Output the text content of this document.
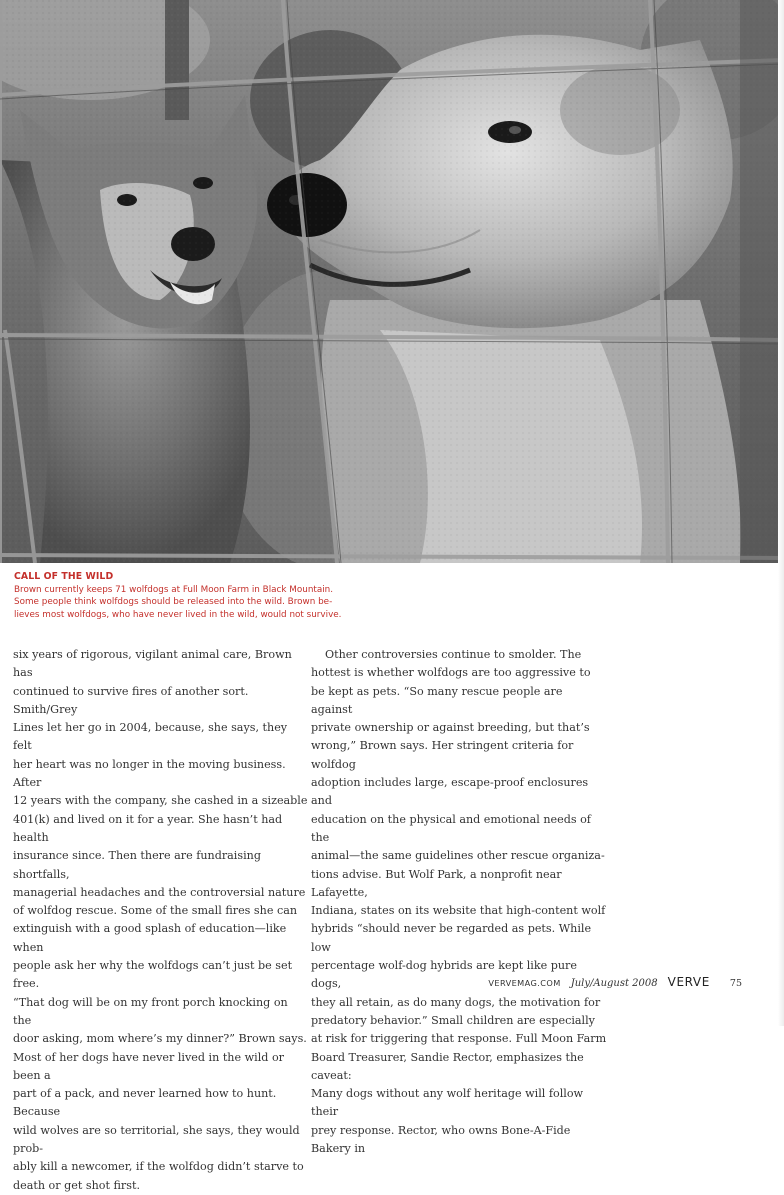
CALL OF THE WILD
Brown currently keeps 71 wolfdogs at Full Moon Farm in Black Mountain.
Some people think wolfdogs should be released into the wild. Brown be-
lieves most wolfdogs, who have never lived in the wild, would not survive.

six years of rigorous, vigilant animal care, Brown has

continued to survive fires of another sort. Smith/Grey

Lines let her go in 2004, because, she says, they felt

her heart was no longer in the moving business. After

12 years with the company, she cashed in a sizeable

401(k) and lived on it for a year. She hasn’t had health

insurance since. Then there are fundraising shortfalls,

managerial headaches and the controversial nature

of wolfdog rescue. Some of the small fires she can

extinguish with a good splash of education—like when

people ask her why the wolfdogs can’t just be set free.

“That dog will be on my front porch knocking on the

door asking, mom where’s my dinner?” Brown says.

Most of her dogs have never lived in the wild or been a

part of a pack, and never learned how to hunt. Because

wild wolves are so territorial, she says, they would prob-

ably kill a newcomer, if the wolfdog didn’t starve to

death or get shot first.

Other controversies continue to smolder. The

hottest is whether wolfdogs are too aggressive to

be kept as pets. “So many rescue people are against

private ownership or against breeding, but that’s

wrong,” Brown says. Her stringent criteria for wolfdog

adoption includes large, escape-proof enclosures and

education on the physical and emotional needs of the

animal—the same guidelines other rescue organiza-

tions advise. But Wolf Park, a nonprofit near Lafayette,

Indiana, states on its website that high-content wolf

hybrids “should never be regarded as pets. While low

percentage wolf-dog hybrids are kept like pure dogs,

they all retain, as do many dogs, the motivation for

predatory behavior.” Small children are especially

at risk for triggering that response. Full Moon Farm

Board Treasurer, Sandie Rector, emphasizes the caveat:

Many dogs without any wolf heritage will follow their

prey response. Rector, who owns Bone-A-Fide Bakery in

VERVEMAG.COM July/August 2008 VERVE 75
